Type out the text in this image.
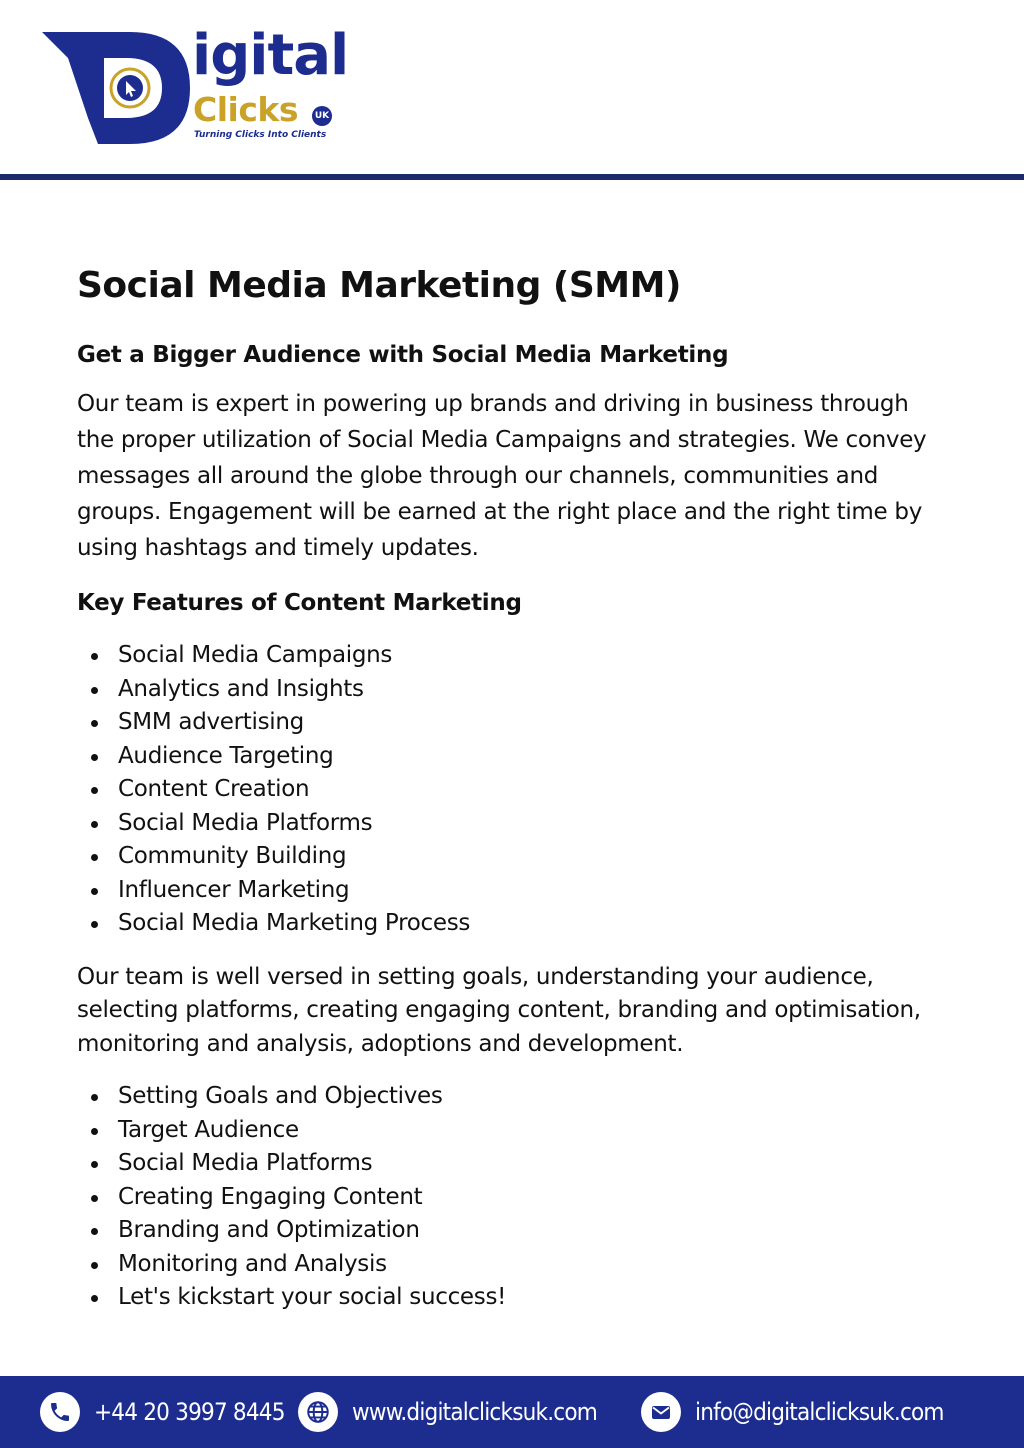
igital
Clicks	UK
Turning Clicks Into Clients
Social Media Marketing (SMM)
Get a Bigger Audience with Social Media Marketing

Our team is expert in powering up brands and driving in business through the proper utilization of Social Media Campaigns and strategies. We convey messages all around the globe through our channels, communities and groups. Engagement will be earned at the right place and the right time by using hashtags and timely updates.

Key Features of Content Marketing
Social Media Campaigns
Analytics and Insights
SMM advertising
Audience Targeting
Content Creation
Social Media Platforms
Community Building
Influencer Marketing
Social Media Marketing Process

Our team is well versed in setting goals, understanding your audience, selecting platforms, creating engaging content, branding and optimisation, monitoring and analysis, adoptions and development.

Setting Goals and Objectives
Target Audience
Social Media Platforms
Creating Engaging Content
Branding and Optimization
Monitoring and Analysis
Let's kickstart your social success!
+44 20 3997 8445	www.digitalclicksuk.com	info@digitalclicksuk.com
